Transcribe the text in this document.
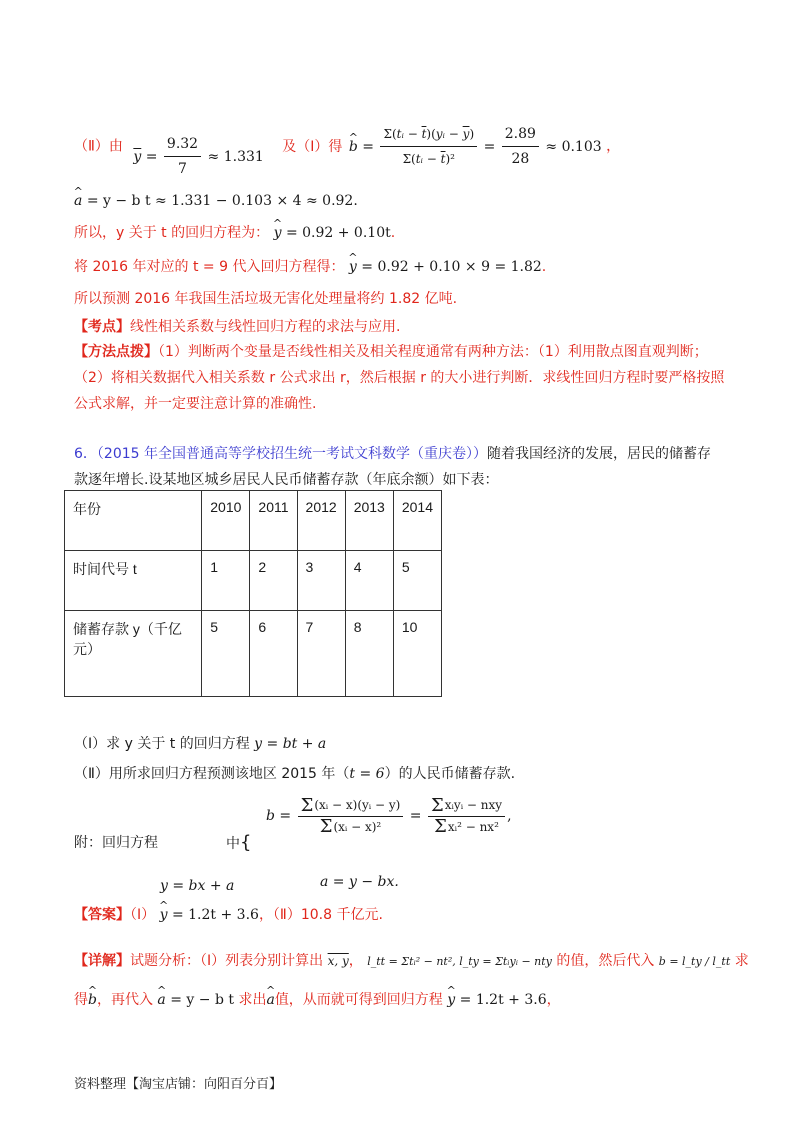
（Ⅱ）由 $\overline{y} = \frac{9.32}{7} \approx 1.331$ 及（Ⅰ）得 ^ $b = \frac{\Sigma(tᵢ - \overline{t})(yᵢ - \overline{y})}{\Sigma(tᵢ - \overline{t})^2} = \frac{2.89}{28} \approx 0.103$ ，
^ a = y − b t ≈ 1.331 − 0.103 × 4 ≈ 0.92.
所以，y 关于 t 的回归方程为： ^ y = 0.92 + 0.10t.
将 2016 年对应的 t = 9 代入回归方程得： ^ y = 0.92 + 0.10 × 9 = 1.82.
所以预测 2016 年我国生活垃圾无害化处理量将约 1.82 亿吨.
【考点】线性相关系数与线性回归方程的求法与应用.
【方法点拨】（1）判断两个变量是否线性相关及相关程度通常有两种方法：（1）利用散点图直观判断；
（2）将相关数据代入相关系数 r 公式求出 r，然后根据 r 的大小进行判断．求线性回归方程时要严格按照
公式求解，并一定要注意计算的准确性.
6．（2015 年全国普通高等学校招生统一考试文科数学（重庆卷））随着我国经济的发展，居民的储蓄存
款逐年增长.设某地区城乡居民人民币储蓄存款（年底余额）如下表：
年份	2010	2011	2012	2013	2014
时间代号 t	1	2	3	4	5
储蓄存款 y（千亿元）	5	6	7	8	10
（Ⅰ）求 y 关于 t 的回归方程 y = bt + a
（Ⅱ）用所求回归方程预测该地区 2015 年（t = 6）的人民币储蓄存款.
附：回归方程	中{
$b = \frac{\text{Σ (xᵢ − x)(yᵢ − y)}}{\text{Σ (xᵢ − x)²}} = \frac{\text{Σ xᵢyᵢ − nxy}}{\text{Σ xᵢ² − nx²}}$ ,
a = y − bx.
y = bx + a
【答案】（Ⅰ） ^ y = 1.2t + 3.6，（Ⅱ）10.8 千亿元.
【详解】试题分析：（Ⅰ）列表分别计算出 x, y， l_tt = Σtᵢ² − nt², l_ty = Σtᵢyᵢ − nty 的值，然后代入 b = l_ty / l_tt 求
得^ b，再代入 ^ a = y − b t 求出^ a值，从而就可得到回归方程 ^ y = 1.2t + 3.6，
资料整理【淘宝店铺：向阳百分百】
